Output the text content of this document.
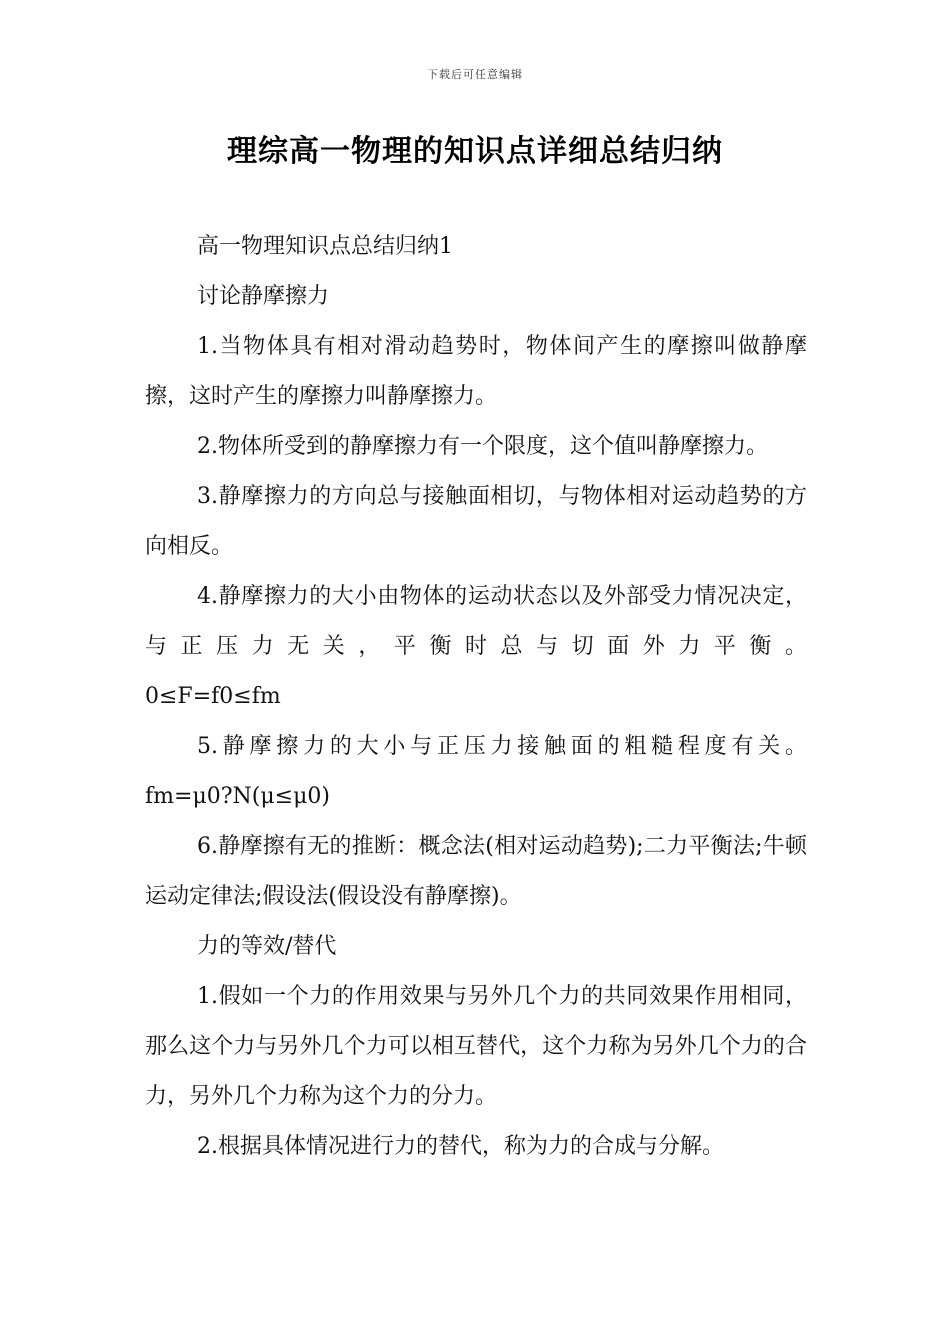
下载后可任意编辑
理综高一物理的知识点详细总结归纳

高一物理知识点总结归纳1

讨论静摩擦力

1.当物体具有相对滑动趋势时，物体间产生的摩擦叫做静摩擦，这时产生的摩擦力叫静摩擦力。

2.物体所受到的静摩擦力有一个限度，这个值叫静摩擦力。

3.静摩擦力的方向总与接触面相切，与物体相对运动趋势的方向相反。

4.静摩擦力的大小由物体的运动状态以及外部受力情况决定，与正压力无关，平衡时总与切面外力平衡。

0≤F=f0≤fm

5.静摩擦力的大小与正压力接触面的粗糙程度有关。

fm=μ0?N(μ≤μ0)

6.静摩擦有无的推断：概念法(相对运动趋势);二力平衡法;牛顿运动定律法;假设法(假设没有静摩擦)。

力的等效/替代

1.假如一个力的作用效果与另外几个力的共同效果作用相同，那么这个力与另外几个力可以相互替代，这个力称为另外几个力的合力，另外几个力称为这个力的分力。

2.根据具体情况进行力的替代，称为力的合成与分解。
